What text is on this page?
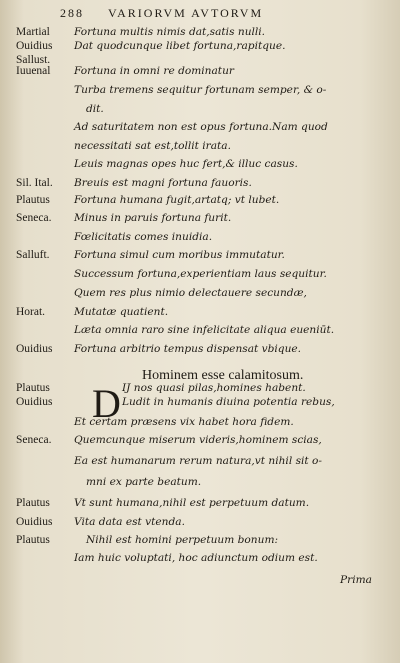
288 VARIORVM AVTORVM
Martial Fortuna multis nimis dat,satis nulli.
Ouidius Dat quodcunque libet fortuna,rapitque.
Sallust.
Iuuenal Fortuna in omni re dominatur
Turba tremens sequitur fortunam semper, & o-
dit.
Ad saturitatem non est opus fortuna.Nam quod
necessitati sat est,tollit irata.
Leuis magnas opes huc fert,& illuc casus.
Sil. Ital. Breuis est magni fortuna fauoris.
Plautus Fortuna humana fugit,artatq; vt lubet.
Seneca. Minus in paruis fortuna furit.
Fœlicitatis comes inuidia.
Salluft. Fortuna simul cum moribus immutatur.
Successum fortuna,experientiam laus sequitur.
Quem res plus nimio delectauere secundæ,
Horat.	Mutatæ quatient.
Læta omnia raro sine infelicitate aliqua eueniūt.
Ouidius Fortuna arbitrio tempus dispensat vbique.
Hominem esse calamitosum.
D
Plautus	IJ nos quasi pilas,homines habent.
Ouidius	Ludit in humanis diuina potentia rebus,
Et certam præsens vix habet hora fidem.
Seneca. Quemcunque miserum videris,hominem scias,
Ea est humanarum rerum natura,vt nihil sit o-
mni ex parte beatum.
Plautus Vt sunt humana,nihil est perpetuum datum.
Ouidius Vita data est vtenda.
Plautus	Nihil est homini perpetuum bonum:
Iam huic voluptati, hoc adiunctum odium est.
Prima
